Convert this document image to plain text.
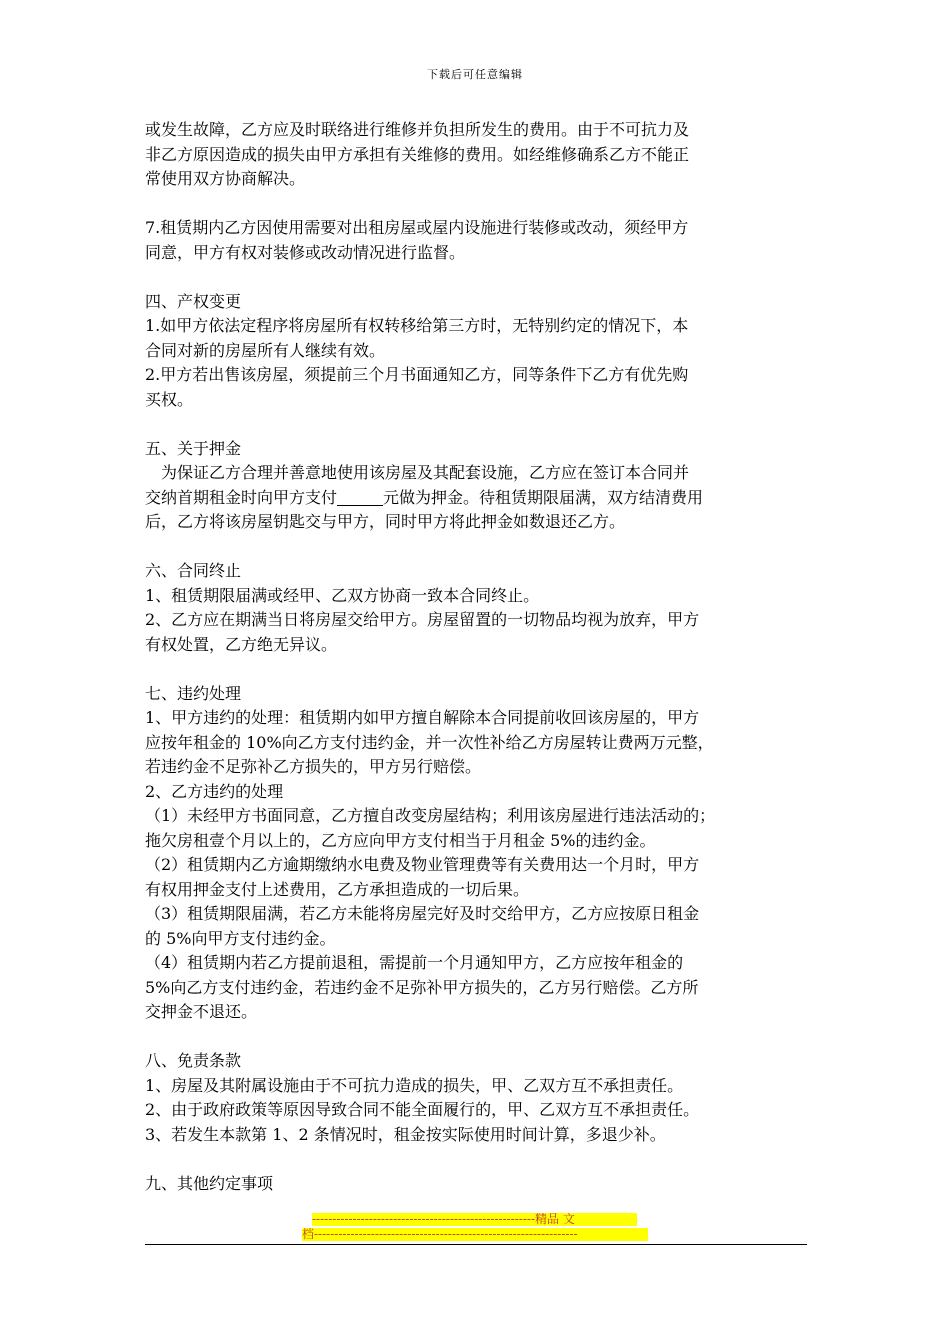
下载后可任意编辑
或发生故障，乙方应及时联络进行维修并负担所发生的费用。由于不可抗力及
非乙方原因造成的损失由甲方承担有关维修的费用。如经维修确系乙方不能正
常使用双方协商解决。
7.租赁期内乙方因使用需要对出租房屋或屋内设施进行装修或改动，须经甲方
同意，甲方有权对装修或改动情况进行监督。
四、产权变更
1.如甲方依法定程序将房屋所有权转移给第三方时，无特别约定的情况下，本
合同对新的房屋所有人继续有效。
2.甲方若出售该房屋，须提前三个月书面通知乙方，同等条件下乙方有优先购
买权。
五、关于押金
为保证乙方合理并善意地使用该房屋及其配套设施，乙方应在签订本合同并
交纳首期租金时向甲方支付	元做为押金。待租赁期限届满，双方结清费用
后，乙方将该房屋钥匙交与甲方，同时甲方将此押金如数退还乙方。
六、合同终止
1、租赁期限届满或经甲、乙双方协商一致本合同终止。
2、乙方应在期满当日将房屋交给甲方。房屋留置的一切物品均视为放弃，甲方
有权处置，乙方绝无异议。
七、违约处理
1、甲方违约的处理：租赁期内如甲方擅自解除本合同提前收回该房屋的，甲方
应按年租金的 10%向乙方支付违约金，并一次性补给乙方房屋转让费两万元整，
若违约金不足弥补乙方损失的，甲方另行赔偿。
2、乙方违约的处理
（1）未经甲方书面同意，乙方擅自改变房屋结构；利用该房屋进行违法活动的；
拖欠房租壹个月以上的，乙方应向甲方支付相当于月租金 5%的违约金。
（2）租赁期内乙方逾期缴纳水电费及物业管理费等有关费用达一个月时，甲方
有权用押金支付上述费用，乙方承担造成的一切后果。
（3）租赁期限届满，若乙方未能将房屋完好及时交给甲方，乙方应按原日租金
的 5%向甲方支付违约金。
（4）租赁期内若乙方提前退租，需提前一个月通知甲方，乙方应按年租金的
5%向乙方支付违约金，若违约金不足弥补甲方损失的，乙方另行赔偿。乙方所
交押金不退还。
八、免责条款
1、房屋及其附属设施由于不可抗力造成的损失，甲、乙双方互不承担责任。
2、由于政府政策等原因导致合同不能全面履行的，甲、乙双方互不承担责任。
3、若发生本款第 1、2 条情况时，租金按实际使用时间计算，多退少补。
九、其他约定事项
-------------------------------------------------------精品 文
档-----------------------------------------------------------------
